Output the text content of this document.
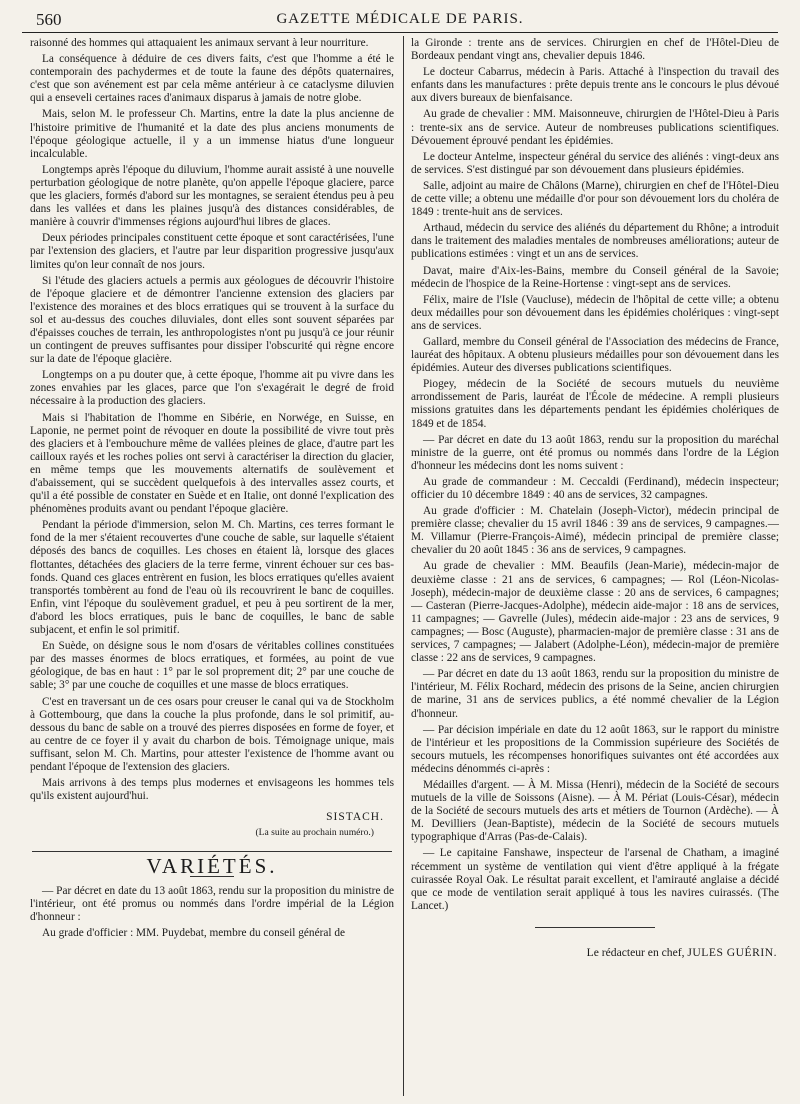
560	GAZETTE MÉDICALE DE PARIS.

raisonné des hommes qui attaquaient les animaux servant à leur nourriture.

La conséquence à déduire de ces divers faits, c'est que l'homme a été le contemporain des pachydermes et de toute la faune des dépôts quaternaires, c'est que son avénement est par cela même antérieur à ce cataclysme diluvien qui a enseveli certaines races d'animaux disparus à jamais de notre globe.

Mais, selon M. le professeur Ch. Martins, entre la date la plus ancienne de l'histoire primitive de l'humanité et la date des plus anciens monuments de l'époque géologique actuelle, il y a un immense hiatus d'une longueur incalculable.

Longtemps après l'époque du diluvium, l'homme aurait assisté à une nouvelle perturbation géologique de notre planète, qu'on appelle l'époque glaciere, parce que les glaciers, formés d'abord sur les montagnes, se seraient étendus peu à peu dans les vallées et dans les plaines jusqu'à des distances considérables, de manière à couvrir d'immenses régions aujourd'hui libres de glaces.

Deux périodes principales constituent cette époque et sont caractérisées, l'une par l'extension des glaciers, et l'autre par leur disparition progressive jusqu'aux limites qu'on leur connaît de nos jours.

Si l'étude des glaciers actuels a permis aux géologues de découvrir l'histoire de l'époque glaciere et de démontrer l'ancienne extension des glaciers par l'existence des moraines et des blocs erratiques qui se trouvent à la surface du sol et au-dessus des couches diluviales, dont elles sont souvent séparées par d'épaisses couches de terrain, les anthropologistes n'ont pu jusqu'à ce jour réunir un contingent de preuves suffisantes pour dissiper l'obscurité qui règne encore sur la date de l'époque glacière.

Longtemps on a pu douter que, à cette époque, l'homme ait pu vivre dans les zones envahies par les glaces, parce que l'on s'exagérait le degré de froid nécessaire à la production des glaciers.

Mais si l'habitation de l'homme en Sibérie, en Norwége, en Suisse, en Laponie, ne permet point de révoquer en doute la possibilité de vivre tout près des glaciers et à l'embouchure même de vallées pleines de glace, d'autre part les cailloux rayés et les roches polies ont servi à caractériser la direction du glacier, en même temps que les mouvements alternatifs de soulèvement et d'abaissement, qui se succèdent quelquefois à des intervalles assez courts, et qu'il a été possible de constater en Suède et en Italie, ont donné l'explication des phénomènes produits avant ou pendant l'époque glacière.

Pendant la période d'immersion, selon M. Ch. Martins, ces terres formant le fond de la mer s'étaient recouvertes d'une couche de sable, sur laquelle s'étaient déposés des bancs de coquilles. Les choses en étaient là, lorsque des glaces flottantes, détachées des glaciers de la terre ferme, vinrent échouer sur ces bas-fonds. Quand ces glaces entrèrent en fusion, les blocs erratiques qu'elles avaient transportés tombèrent au fond de l'eau où ils recouvrirent le banc de coquilles. Enfin, vint l'époque du soulèvement graduel, et peu à peu sortirent de la mer, d'abord les blocs erratiques, puis le banc de coquilles, le banc de sable subjacent, et enfin le sol primitif.

En Suède, on désigne sous le nom d'osars de véritables collines constituées par des masses énormes de blocs erratiques, et formées, au point de vue géologique, de bas en haut : 1° par le sol proprement dit; 2° par une couche de sable; 3° par une couche de coquilles et une masse de blocs erratiques.

C'est en traversant un de ces osars pour creuser le canal qui va de Stockholm à Gottembourg, que dans la couche la plus profonde, dans le sol primitif, au-dessous du banc de sable on a trouvé des pierres disposées en forme de foyer, et au centre de ce foyer il y avait du charbon de bois. Témoignage unique, mais suffisant, selon M. Ch. Martins, pour attester l'existence de l'homme avant ou pendant l'époque de l'extension des glaciers.

Mais arrivons à des temps plus modernes et envisageons les hommes tels qu'ils existent aujourd'hui.

SISTACH.
(La suite au prochain numéro.)
VARIÉTÉS.

— Par décret en date du 13 août 1863, rendu sur la proposition du ministre de l'intérieur, ont été promus ou nommés dans l'ordre impérial de la Légion d'honneur :

Au grade d'officier : MM. Puydebat, membre du conseil général de

la Gironde : trente ans de services. Chirurgien en chef de l'Hôtel-Dieu de Bordeaux pendant vingt ans, chevalier depuis 1846.

Le docteur Cabarrus, médecin à Paris. Attaché à l'inspection du travail des enfants dans les manufactures : prête depuis trente ans le concours le plus dévoué aux divers bureaux de bienfaisance.

Au grade de chevalier : MM. Maisonneuve, chirurgien de l'Hôtel-Dieu à Paris : trente-six ans de service. Auteur de nombreuses publications scientifiques. Dévouement éprouvé pendant les épidémies.

Le docteur Antelme, inspecteur général du service des aliénés : vingt-deux ans de services. S'est distingué par son dévouement dans plusieurs épidémies.

Salle, adjoint au maire de Châlons (Marne), chirurgien en chef de l'Hôtel-Dieu de cette ville; a obtenu une médaille d'or pour son dévouement lors du choléra de 1849 : trente-huit ans de services.

Arthaud, médecin du service des aliénés du département du Rhône; a introduit dans le traitement des maladies mentales de nombreuses améliorations; auteur de publications estimées : vingt et un ans de services.

Davat, maire d'Aix-les-Bains, membre du Conseil général de la Savoie; médecin de l'hospice de la Reine-Hortense : vingt-sept ans de services.

Félix, maire de l'Isle (Vaucluse), médecin de l'hôpital de cette ville; a obtenu deux médailles pour son dévouement dans les épidémies cholériques : vingt-sept ans de services.

Gallard, membre du Conseil général de l'Association des médecins de France, lauréat des hôpitaux. A obtenu plusieurs médailles pour son dévouement dans les épidémies. Auteur des diverses publications scientifiques.

Piogey, médecin de la Société de secours mutuels du neuvième arrondissement de Paris, lauréat de l'École de médecine. A rempli plusieurs missions gratuites dans les départements pendant les épidémies cholériques de 1849 et de 1854.

— Par décret en date du 13 août 1863, rendu sur la proposition du maréchal ministre de la guerre, ont été promus ou nommés dans l'ordre de la Légion d'honneur les médecins dont les noms suivent :

Au grade de commandeur : M. Ceccaldi (Ferdinand), médecin inspecteur; officier du 10 décembre 1849 : 40 ans de services, 32 campagnes.

Au grade d'officier : M. Chatelain (Joseph-Victor), médecin principal de première classe; chevalier du 15 avril 1846 : 39 ans de services, 9 campagnes.—M. Villamur (Pierre-François-Aimé), médecin principal de première classe; chevalier du 20 août 1845 : 36 ans de services, 9 campagnes.

Au grade de chevalier : MM. Beaufils (Jean-Marie), médecin-major de deuxième classe : 21 ans de services, 6 campagnes; — Rol (Léon-Nicolas-Joseph), médecin-major de deuxième classe : 20 ans de services, 6 campagnes; — Casteran (Pierre-Jacques-Adolphe), médecin aide-major : 18 ans de services, 11 campagnes; — Gavrelle (Jules), médecin aide-major : 23 ans de services, 9 campagnes; — Bosc (Auguste), pharmacien-major de première classe : 31 ans de services, 7 campagnes; — Jalabert (Adolphe-Léon), médecin-major de première classe : 22 ans de services, 9 campagnes.

— Par décret en date du 13 août 1863, rendu sur la proposition du ministre de l'intérieur, M. Félix Rochard, médecin des prisons de la Seine, ancien chirurgien de marine, 31 ans de services publics, a été nommé chevalier de la Légion d'honneur.

— Par décision impériale en date du 12 août 1863, sur le rapport du ministre de l'intérieur et les propositions de la Commission supérieure des Sociétés de secours mutuels, les récompenses honorifiques suivantes ont été accordées aux médecins dénommés ci-après :

Médailles d'argent. — À M. Missa (Henri), médecin de la Société de secours mutuels de la ville de Soissons (Aisne). — À M. Périat (Louis-César), médecin de la Société de secours mutuels des arts et métiers de Tournon (Ardèche). — À M. Devilliers (Jean-Baptiste), médecin de la Société de secours mutuels typographique d'Arras (Pas-de-Calais).

— Le capitaine Fanshawe, inspecteur de l'arsenal de Chatham, a imaginé récemment un système de ventilation qui vient d'être appliqué à la frégate cuirassée Royal Oak. Le résultat parait excellent, et l'amirauté anglaise a décidé que ce mode de ventilation serait appliqué à tous les navires cuirassés. (The Lancet.)

Le rédacteur en chef, JULES GUÉRIN.
